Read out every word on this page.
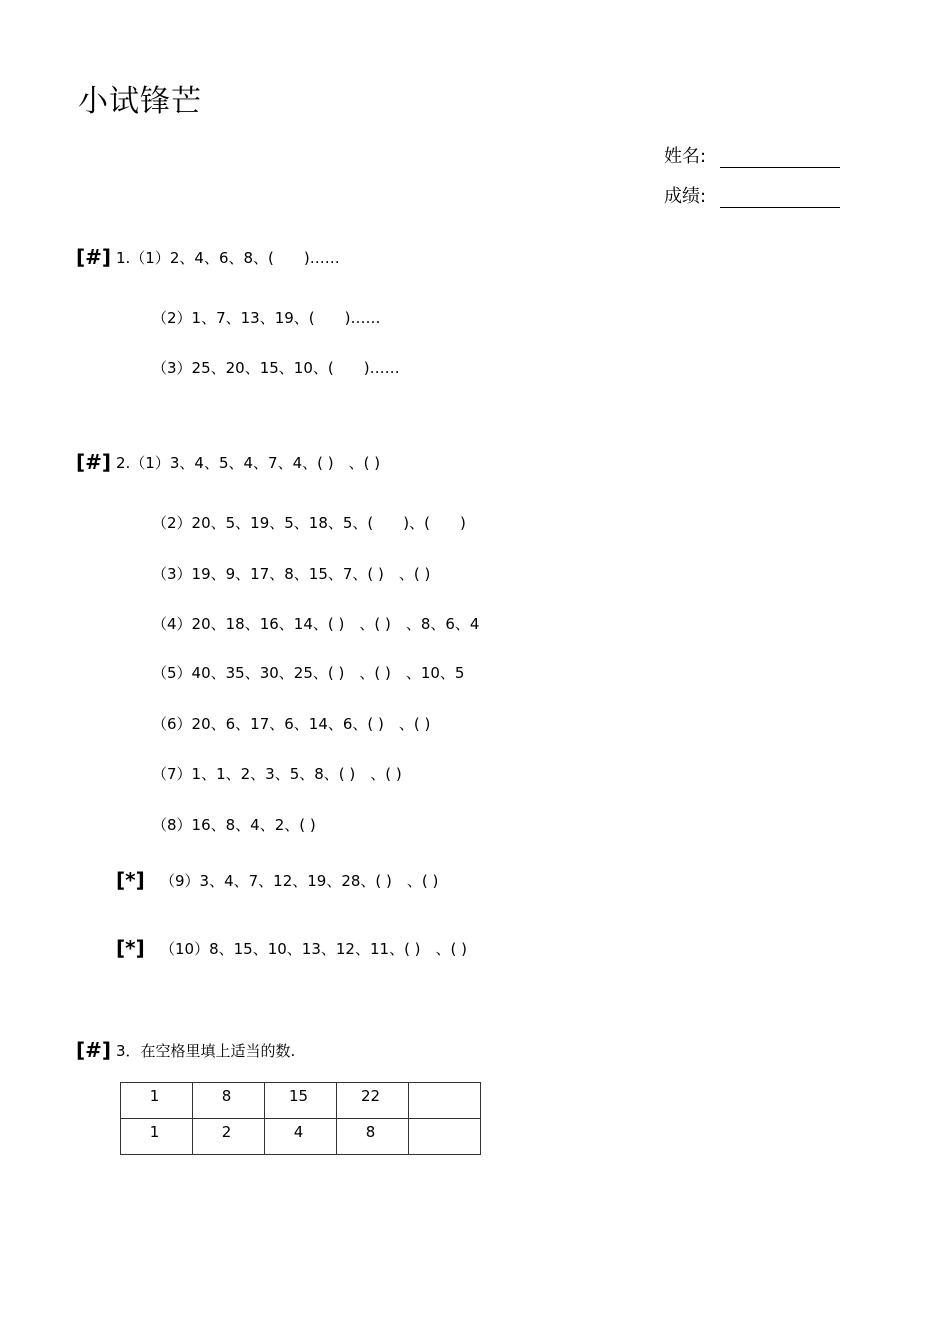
小试锋芒
姓名:
成绩:
[#] 1.（1）2、4、6、8、(　　)……
（2）1、7、13、19、(　　)……
（3）25、20、15、10、(　　)……
[#] 2.（1）3、4、5、4、7、4、( )　、( )
（2）20、5、19、5、18、5、(　　)、(　　)
（3）19、9、17、8、15、7、( )　、( )
（4）20、18、16、14、( )　、( )　、8、6、4
（5）40、35、30、25、( )　、( )　、10、5
（6）20、6、17、6、14、6、( )　、( )
（7）1、1、2、3、5、8、( )　、( )
（8）16、8、4、2、( )
[*] （9）3、4、7、12、19、28、( )　、( )
[*] （10）8、15、10、13、12、11、( )　、( )
[#] 3．在空格里填上适当的数.
1	8	15	22	
1	2	4	8	
